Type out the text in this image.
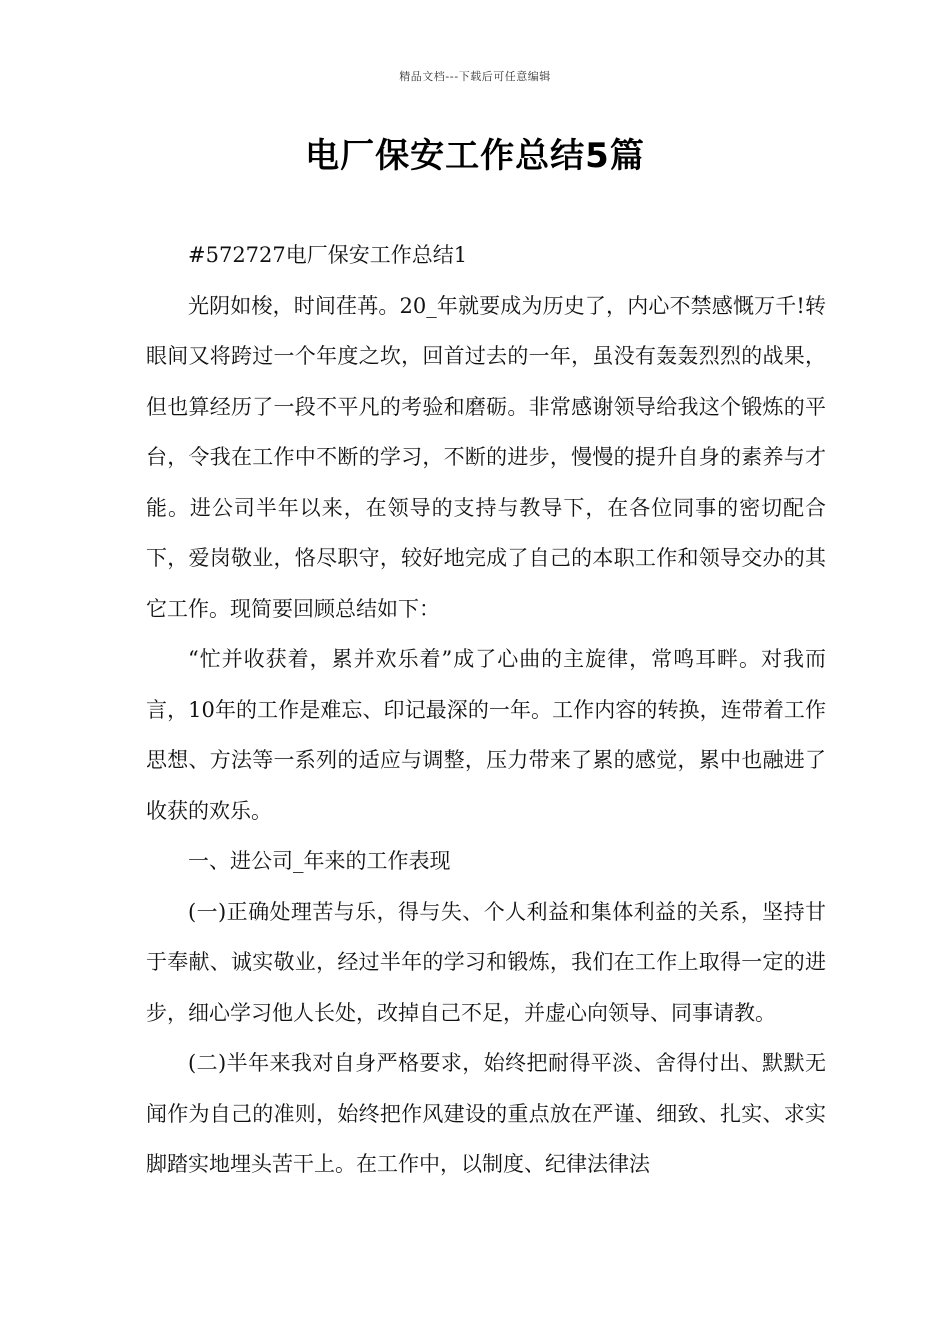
精品文档---下载后可任意编辑
电厂保安工作总结5篇

#572727电厂保安工作总结1

光阴如梭，时间荏苒。20_年就要成为历史了，内心不禁感慨万千!转眼间又将跨过一个年度之坎，回首过去的一年，虽没有轰轰烈烈的战果，但也算经历了一段不平凡的考验和磨砺。非常感谢领导给我这个锻炼的平台，令我在工作中不断的学习，不断的进步，慢慢的提升自身的素养与才能。进公司半年以来，在领导的支持与教导下，在各位同事的密切配合下，爱岗敬业，恪尽职守，较好地完成了自己的本职工作和领导交办的其它工作。现简要回顾总结如下：

“忙并收获着，累并欢乐着”成了心曲的主旋律，常鸣耳畔。对我而言，10年的工作是难忘、印记最深的一年。工作内容的转换，连带着工作思想、方法等一系列的适应与调整，压力带来了累的感觉，累中也融进了收获的欢乐。

一、进公司_年来的工作表现

(一)正确处理苦与乐，得与失、个人利益和集体利益的关系，坚持甘于奉献、诚实敬业，经过半年的学习和锻炼，我们在工作上取得一定的进步，细心学习他人长处，改掉自己不足，并虚心向领导、同事请教。

(二)半年来我对自身严格要求，始终把耐得平淡、舍得付出、默默无闻作为自己的准则，始终把作风建设的重点放在严谨、细致、扎实、求实脚踏实地埋头苦干上。在工作中，以制度、纪律法律法
